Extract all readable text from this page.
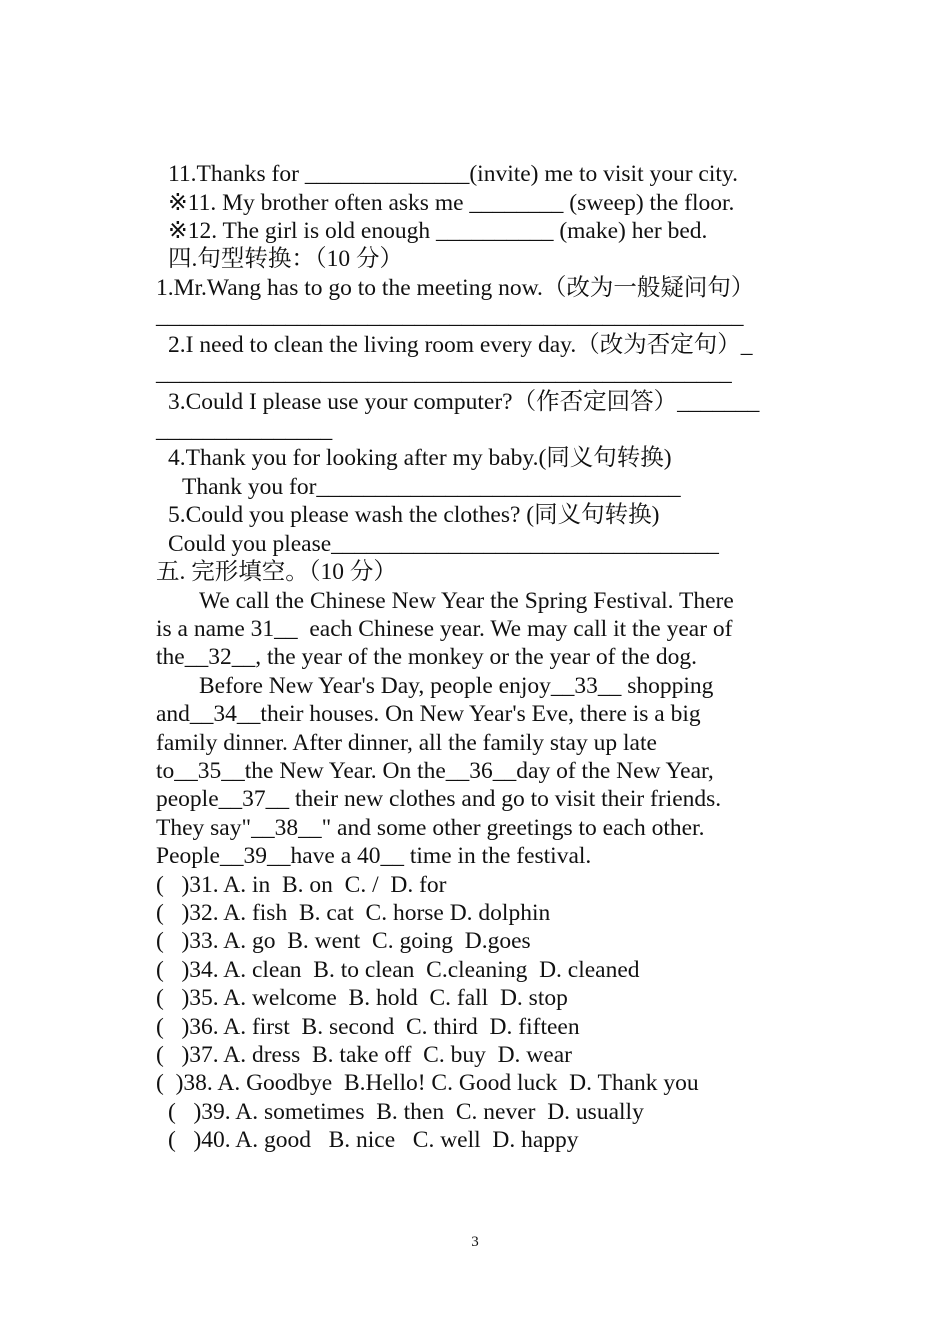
11.Thanks for ______________(invite) me to visit your city.
※11. My brother often asks me ________ (sweep) the floor.
※12. The girl is old enough __________ (make) her bed.
四.句型转换：（10 分）
1.Mr.Wang has to go to the meeting now.（改为一般疑问句）
__________________________________________________
2.I need to clean the living room every day.（改为否定句）_
_________________________________________________
3.Could I please use your computer?（作否定回答）_______
_______________
4.Thank you for looking after my baby.(同义句转换)
Thank you for_______________________________
5.Could you please wash the clothes? (同义句转换)
Could you please_________________________________
五. 完形填空。（10 分）
We call the Chinese New Year the Spring Festival. There
is a name 31__  each Chinese year. We may call it the year of
the__32__, the year of the monkey or the year of the dog.
Before New Year's Day, people enjoy__33__ shopping
and__34__their houses. On New Year's Eve, there is a big
family dinner. After dinner, all the family stay up late
to__35__the New Year. On the__36__day of the New Year,
people__37__ their new clothes and go to visit their friends.
They say"__38__" and some other greetings to each other.
People__39__have a 40__ time in the festival.
(   )31. A. in  B. on  C. /  D. for
(   )32. A. fish  B. cat  C. horse D. dolphin
(   )33. A. go  B. went  C. going  D.goes
(   )34. A. clean  B. to clean  C.cleaning  D. cleaned
(   )35. A. welcome  B. hold  C. fall  D. stop
(   )36. A. first  B. second  C. third  D. fifteen
(   )37. A. dress  B. take off  C. buy  D. wear
(  )38. A. Goodbye  B.Hello! C. Good luck  D. Thank you
(   )39. A. sometimes  B. then  C. never  D. usually
(   )40. A. good   B. nice   C. well  D. happy
3
